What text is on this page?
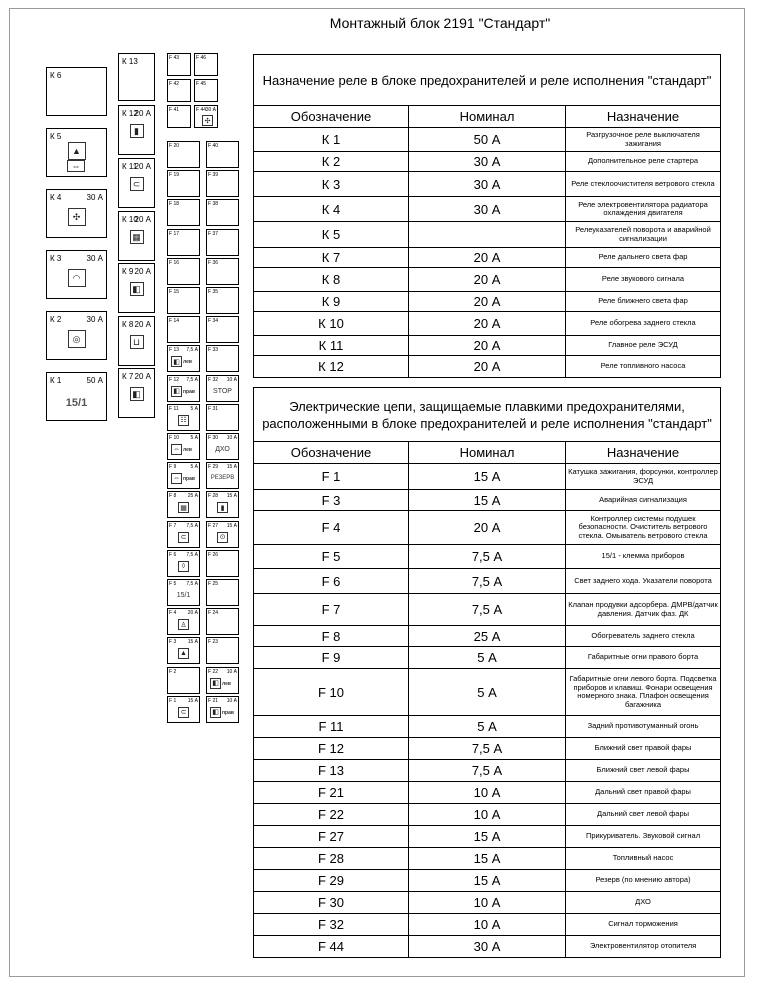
Монтажный блок 2191 "Стандарт"
К 6
К 5
▲
⇔
К 4	30 А
✣
К 3	30 А
◠
К 2	30 А
◎
К 1	50 А
15/1
К 13
К 12
20 А
▮
К 11
20 А
⊂
К 10
20 А
▦
К 9 20 А
◧
К 8 20 А
⊔
К 7 20 А
◧
F 43	F 46
F 42	F 45
F 41	F 44 30 А
✣
F 20
F 19
F 18
F 17
F 16
F 15
F 14
F 13 7,5 А
◧ лев
F 12 7,5 А
◧ прав
F 11 5 А
☷
F 10 5 А
⇔ лев
F 9	5 А
⇔ прав
F 8 25 А
▦
F 7 7,5 А
⊂
F 6 7,5 А
◊
F 5 7,5 А
15/1
F 4 20 А
♙
F 3 15 А
▲
F 2
F 1 15 А
⊂
F 40
F 39
F 38
F 37
F 36
F 35
F 34
F 33
F 32 10 А
STOP
F 31
F 30 10 А
ДХО
F 29 15 А
РЕЗЕРВ
F 28 15 А
▮
F 27 15 А
⊙
F 26
F 25
F 24
F 23
F 22 10 А
◧ лев
F 21 10 А
◧ прав
Назначение реле в блоке предохранителей и реле исполнения "стандарт"		
Обозначение	Номинал	Назначение
К 1	50 А	Разгрузочное реле выключателя зажигания
К 2	30 А	Дополнительное реле стартера
К 3	30 А	Реле стеклоочистителя ветрового стекла
К 4	30 А	Реле электровентилятора радиатора охлаждения двигателя
К 5		Релеуказателей поворота и аварийной сигнализации
К 7	20 А	Реле дальнего света фар
К 8	20 А	Реле звукового сигнала
К 9	20 А	Реле ближнего света фар
К 10	20 А	Реле обогрева заднего стекла
К 11	20 А	Главное реле ЭСУД
К 12	20 А	Реле топливного насоса
Электрические цепи, защищаемые плавкими предохранителями, расположенными в блоке предохранителей и реле исполнения "стандарт"		
Обозначение	Номинал	Назначение
F 1	15 А	Катушка зажигания, форсунки, контроллер ЭСУД
F 3	15 А	Аварийная сигнализация
F 4	20 А	Контроллер системы подушек безопасности. Очиститель ветрового стекла. Омыватель ветрового стекла
F 5	7,5 А	15/1 - клемма приборов
F 6	7,5 А	Свет заднего хода. Указатели поворота
F 7	7,5 А	Клапан продувки адсорбера. ДМРВ/датчик давления. Датчик фаз. ДК
F 8	25 А	Обогреватель заднего стекла
F 9	5 А	Габаритные огни правого борта
F 10	5 А	Габаритные огни левого борта. Подсветка приборов и клавиш. Фонари освещения номерного знака. Плафон освещения багажника
F 11	5 А	Задний противотуманный огонь
F 12	7,5 А	Ближний свет правой фары
F 13	7,5 А	Ближний свет левой фары
F 21	10 А	Дальний свет правой фары
F 22	10 А	Дальний свет левой фары
F 27	15 А	Прикуриватель. Звуковой сигнал
F 28	15 А	Топливный насос
F 29	15 А	Резерв (по мнению автора)
F 30	10 А	ДХО
F 32	10 А	Сигнал торможения
F 44	30 А	Электровентилятор отопителя
